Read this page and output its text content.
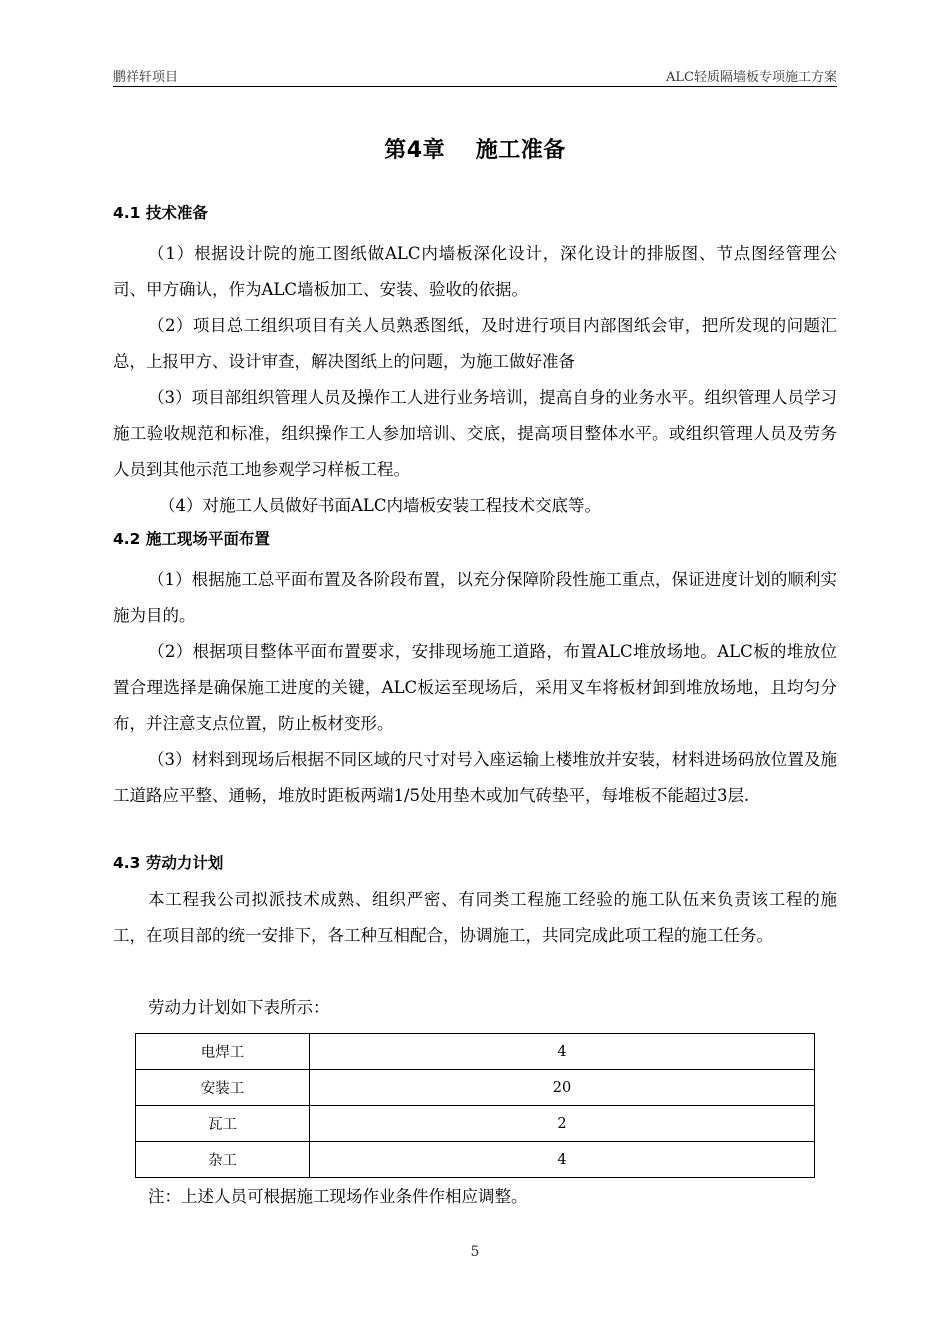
鹏祥轩项目	ALC轻质隔墙板专项施工方案
第4章　 施工准备
4.1 技术准备

（1）根据设计院的施工图纸做ALC内墙板深化设计，深化设计的排版图、节点图经管理公司、甲方确认，作为ALC墙板加工、安装、验收的依据。

（2）项目总工组织项目有关人员熟悉图纸，及时进行项目内部图纸会审，把所发现的问题汇总，上报甲方、设计审查，解决图纸上的问题，为施工做好准备

（3）项目部组织管理人员及操作工人进行业务培训，提高自身的业务水平。组织管理人员学习施工验收规范和标准，组织操作工人参加培训、交底，提高项目整体水平。或组织管理人员及劳务人员到其他示范工地参观学习样板工程。

（4）对施工人员做好书面ALC内墙板安装工程技术交底等。

4.2 施工现场平面布置

（1）根据施工总平面布置及各阶段布置，以充分保障阶段性施工重点，保证进度计划的顺利实施为目的。

（2）根据项目整体平面布置要求，安排现场施工道路，布置ALC堆放场地。ALC板的堆放位置合理选择是确保施工进度的关键，ALC板运至现场后，采用叉车将板材卸到堆放场地，且均匀分布，并注意支点位置，防止板材变形。

（3）材料到现场后根据不同区域的尺寸对号入座运输上楼堆放并安装，材料进场码放位置及施工道路应平整、通畅，堆放时距板两端1/5处用垫木或加气砖垫平，每堆板不能超过3层.

4.3 劳动力计划

本工程我公司拟派技术成熟、组织严密、有同类工程施工经验的施工队伍来负责该工程的施工，在项目部的统一安排下，各工种互相配合，协调施工，共同完成此项工程的施工任务。

劳动力计划如下表所示：

电焊工	4
安装工	20
瓦工	2
杂工	4
注：上述人员可根据施工现场作业条件作相应调整。
5
